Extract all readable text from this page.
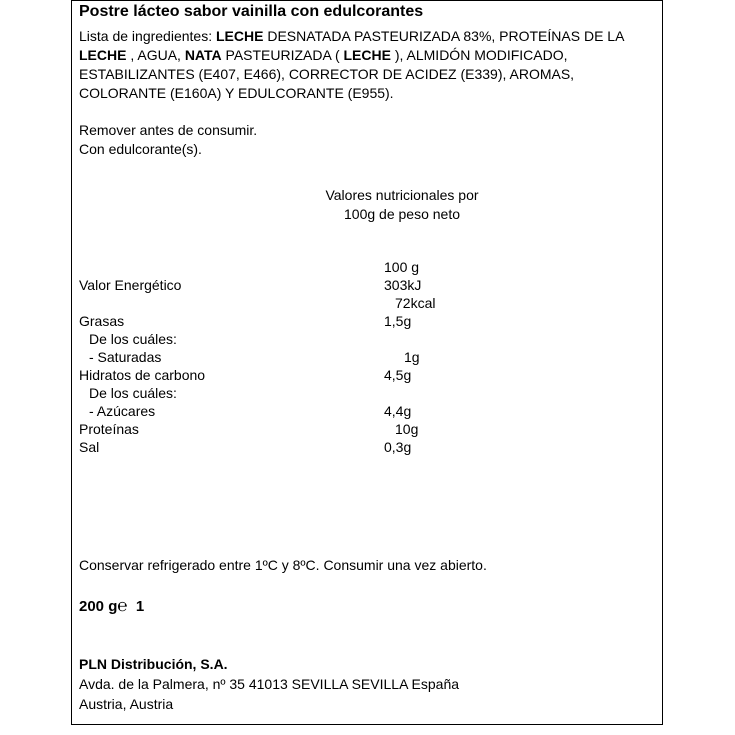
Postre lácteo sabor vainilla con edulcorantes
Lista de ingredientes: LECHE DESNATADA PASTEURIZADA 83%, PROTEÍNAS DE LA LECHE , AGUA, NATA PASTEURIZADA ( LECHE ), ALMIDÓN MODIFICADO, ESTABILIZANTES (E407, E466), CORRECTOR DE ACIDEZ (E339), AROMAS, COLORANTE (E160A) Y EDULCORANTE (E955).
Remover antes de consumir.
Con edulcorante(s).
Valores nutricionales por
100g de peso neto
100 g
Valor Energético	303kJ
72kcal
Grasas	1,5g
De los cuáles:
- Saturadas	1g
Hidratos de carbono	4,5g
De los cuáles:
- Azúcares	4,4g
Proteínas	10g
Sal	0,3g
Conservar refrigerado entre 1ºC y 8ºC. Consumir una vez abierto.
200 g℮ 1
PLN Distribución, S.A.
Avda. de la Palmera, nº 35 41013 SEVILLA SEVILLA España
Austria, Austria
